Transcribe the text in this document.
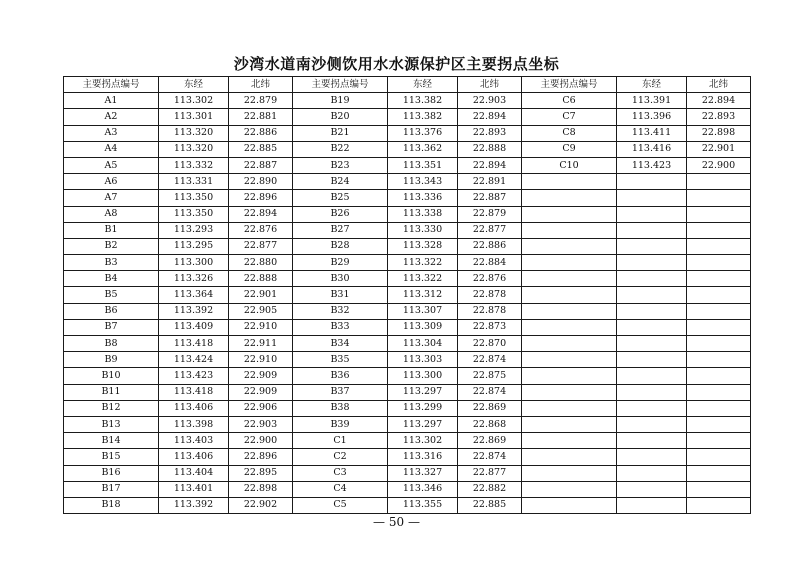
沙湾水道南沙侧饮用水水源保护区主要拐点坐标
主要拐点编号	东经	北纬	主要拐点编号	东经	北纬	主要拐点编号	东经	北纬
A1	113.302	22.879	B19	113.382	22.903	C6	113.391	22.894
A2	113.301	22.881	B20	113.382	22.894	C7	113.396	22.893
A3	113.320	22.886	B21	113.376	22.893	C8	113.411	22.898
A4	113.320	22.885	B22	113.362	22.888	C9	113.416	22.901
A5	113.332	22.887	B23	113.351	22.894	C10	113.423	22.900
A6	113.331	22.890	B24	113.343	22.891			
A7	113.350	22.896	B25	113.336	22.887			
A8	113.350	22.894	B26	113.338	22.879			
B1	113.293	22.876	B27	113.330	22.877			
B2	113.295	22.877	B28	113.328	22.886			
B3	113.300	22.880	B29	113.322	22.884			
B4	113.326	22.888	B30	113.322	22.876			
B5	113.364	22.901	B31	113.312	22.878			
B6	113.392	22.905	B32	113.307	22.878			
B7	113.409	22.910	B33	113.309	22.873			
B8	113.418	22.911	B34	113.304	22.870			
B9	113.424	22.910	B35	113.303	22.874			
B10	113.423	22.909	B36	113.300	22.875			
B11	113.418	22.909	B37	113.297	22.874			
B12	113.406	22.906	B38	113.299	22.869			
B13	113.398	22.903	B39	113.297	22.868			
B14	113.403	22.900	C1	113.302	22.869			
B15	113.406	22.896	C2	113.316	22.874			
B16	113.404	22.895	C3	113.327	22.877			
B17	113.401	22.898	C4	113.346	22.882			
B18	113.392	22.902	C5	113.355	22.885			
— 50 —
